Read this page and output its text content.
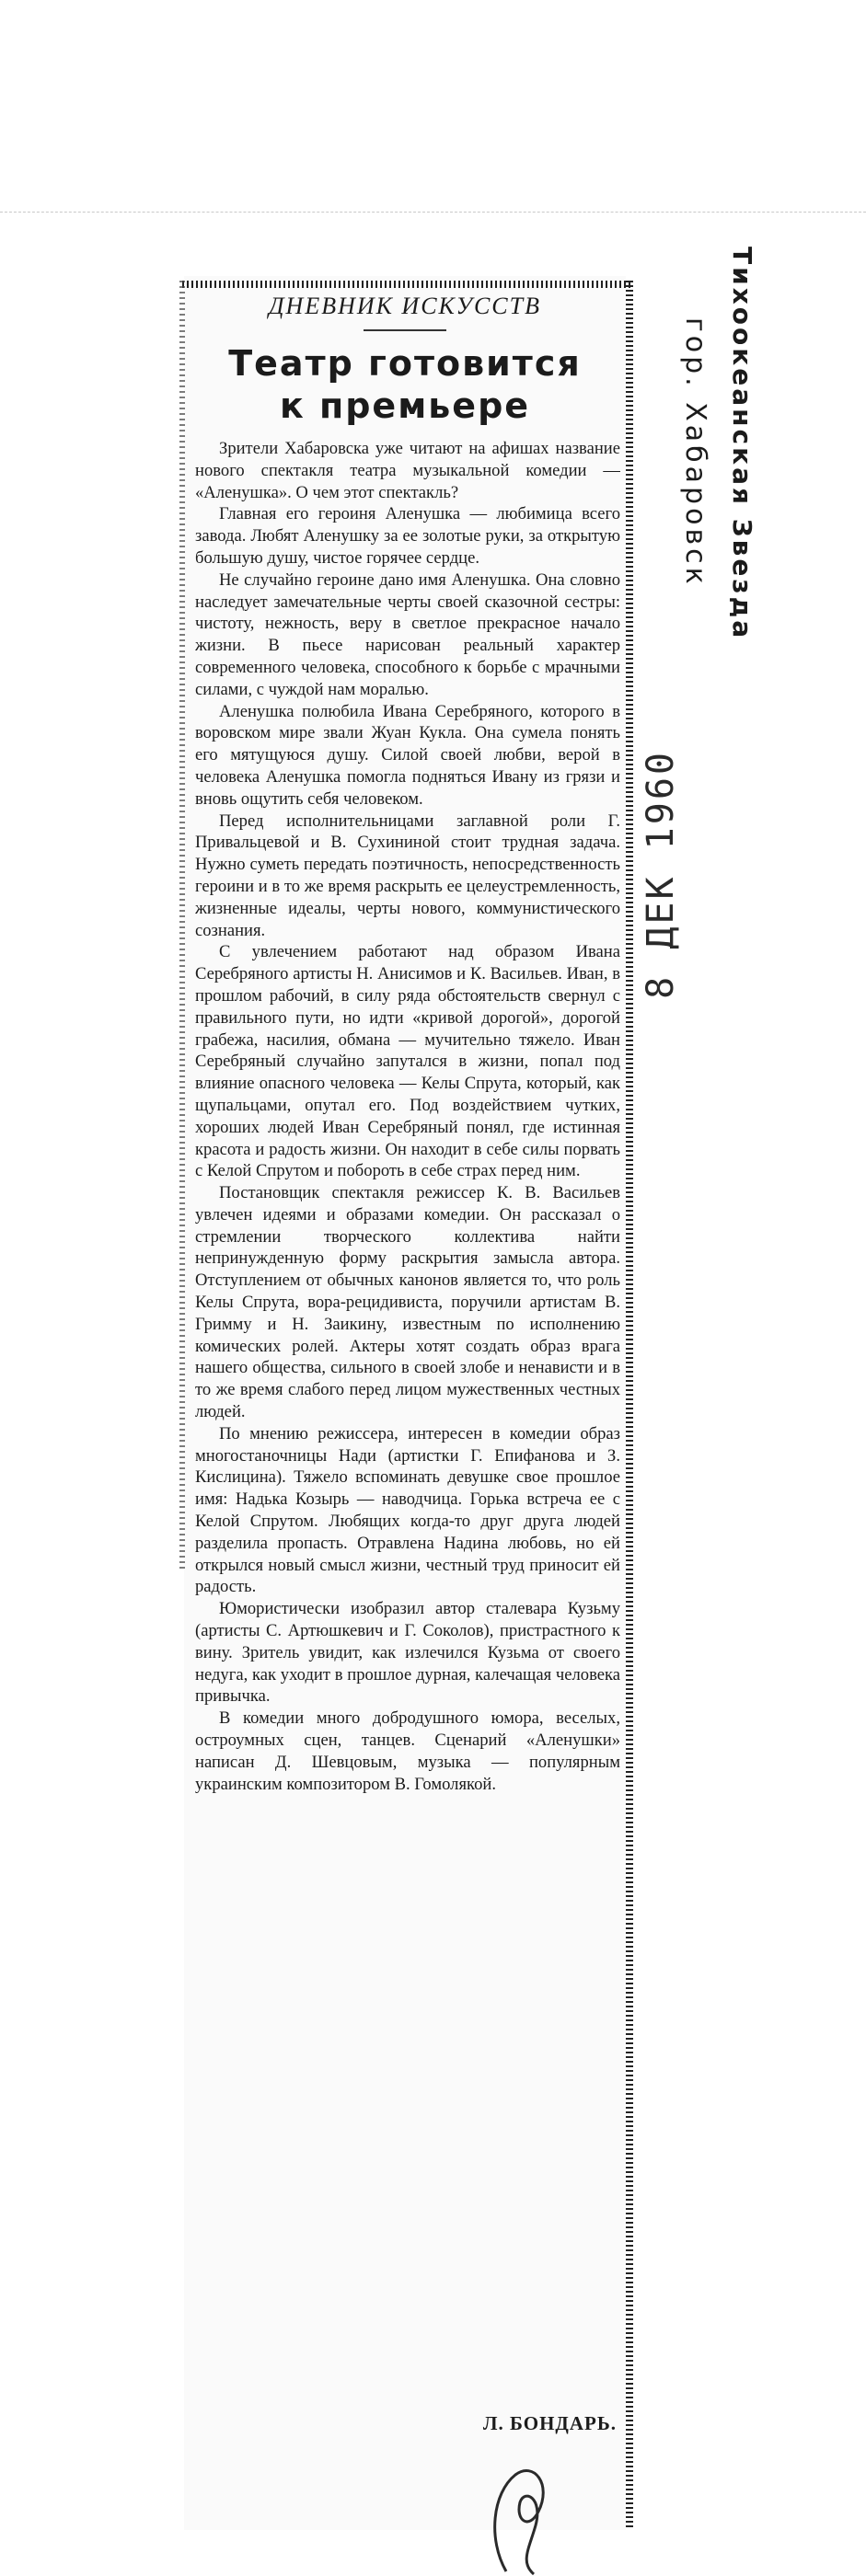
ДНЕВНИК ИСКУССТВ

Театр готовится
к премьере

Зрители Хабаровска уже читают на афишах название нового спектакля театра музыкальной комедии — «Аленушка». О чем этот спектакль?

Главная его героиня Аленушка — любимица всего завода. Любят Аленушку за ее золотые руки, за открытую большую душу, чистое горячее сердце.

Не случайно героине дано имя Аленушка. Она словно наследует замечательные черты своей сказочной сестры: чистоту, нежность, веру в светлое прекрасное начало жизни. В пьесе нарисован реальный характер современного человека, способного к борьбе с мрачными силами, с чуждой нам моралью.

Аленушка полюбила Ивана Серебряного, которого в воровском мире звали Жуан Кукла. Она сумела понять его мятущуюся душу. Силой своей любви, верой в человека Аленушка помогла подняться Ивану из грязи и вновь ощутить себя человеком.

Перед исполнительницами заглавной роли Г. Привальцевой и В. Сухининой стоит трудная задача. Нужно суметь передать поэтичность, непосредственность героини и в то же время раскрыть ее целеустремленность, жизненные идеалы, черты нового, коммунистического сознания.

С увлечением работают над образом Ивана Серебряного артисты Н. Анисимов и К. Васильев. Иван, в прошлом рабочий, в силу ряда обстоятельств свернул с правильного пути, но идти «кривой дорогой», дорогой грабежа, насилия, обмана — мучительно тяжело. Иван Серебряный случайно запутался в жизни, попал под влияние опасного человека — Келы Спрута, который, как щупальцами, опутал его. Под воздействием чутких, хороших людей Иван Серебряный понял, где истинная красота и радость жизни. Он находит в себе силы порвать с Келой Спрутом и побороть в себе страх перед ним.

Постановщик спектакля режиссер К. В. Васильев увлечен идеями и образами комедии. Он рассказал о стремлении творческого коллектива найти непринужденную форму раскрытия замысла автора. Отступлением от обычных канонов является то, что роль Келы Спрута, вора-рецидивиста, поручили артистам В. Гримму и Н. Заикину, известным по исполнению комических ролей. Актеры хотят создать образ врага нашего общества, сильного в своей злобе и ненависти и в то же время слабого перед лицом мужественных честных людей.

По мнению режиссера, интересен в комедии образ многостаночницы Нади (артистки Г. Епифанова и З. Кислицина). Тяжело вспоминать девушке свое прошлое имя: Надька Козырь — наводчица. Горька встреча ее с Келой Спрутом. Любящих когда-то друг друга людей разделила пропасть. Отравлена Надина любовь, но ей открылся новый смысл жизни, честный труд приносит ей радость.

Юмористически изобразил автор сталевара Кузьму (артисты С. Артюшкевич и Г. Соколов), пристрастного к вину. Зритель увидит, как излечился Кузьма от своего недуга, как уходит в прошлое дурная, калечащая человека привычка.

В комедии много добродушного юмора, веселых, остроумных сцен, танцев. Сценарий «Аленушки» написан Д. Шевцовым, музыка — популярным украинским композитором В. Гомолякой.

Л. БОНДАРЬ.

Тихоокеанская Звезда

гор. Хабаровск

8 ДЕК 1960
